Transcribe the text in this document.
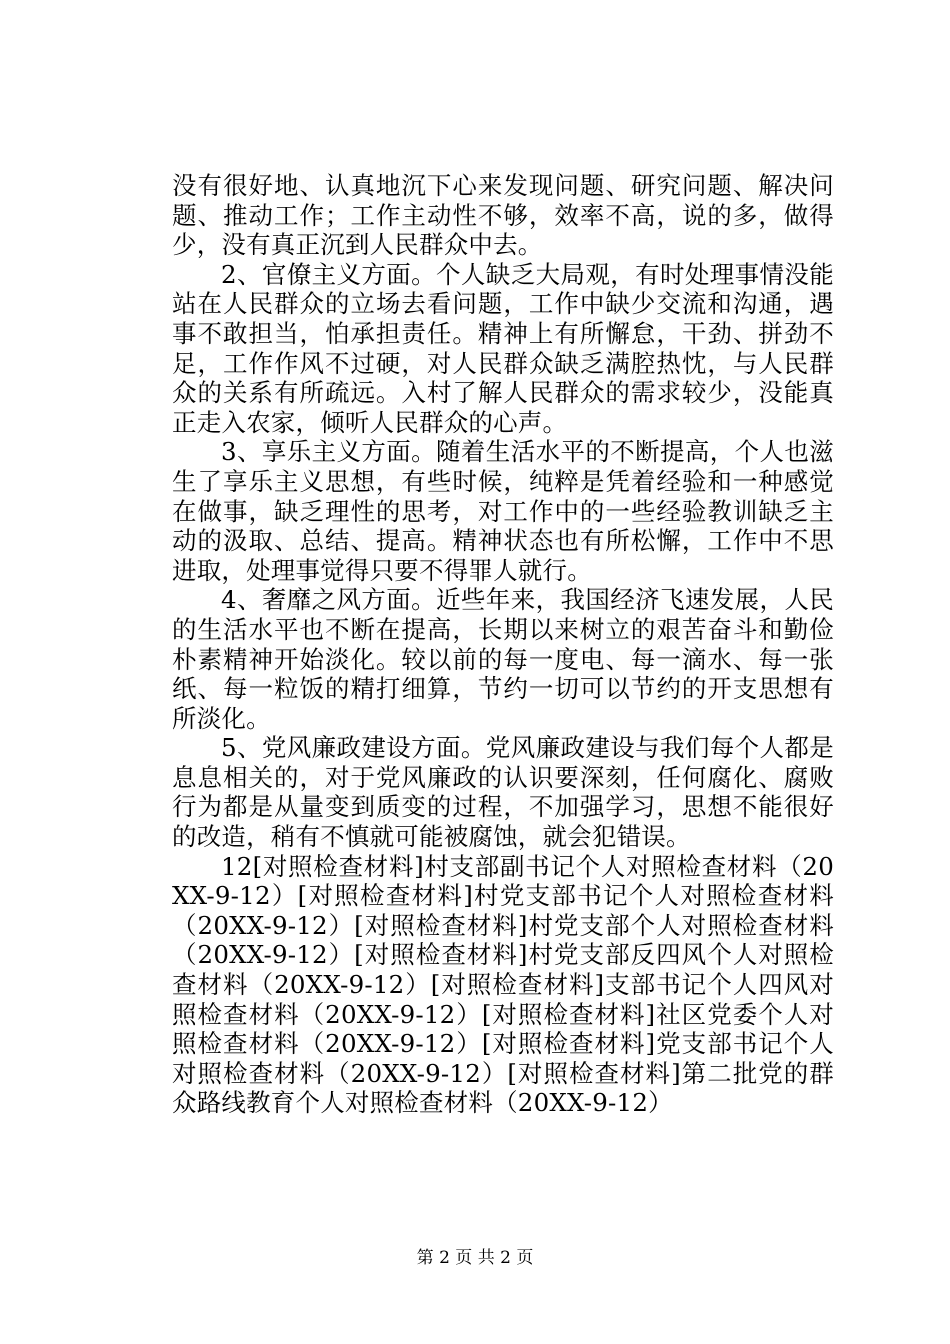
没有很好地、认真地沉下心来发现问题、研究问题、解决问题、推动工作；工作主动性不够，效率不高，说的多，做得少，没有真正沉到人民群众中去。

2、官僚主义方面。个人缺乏大局观，有时处理事情没能站在人民群众的立场去看问题，工作中缺少交流和沟通，遇事不敢担当，怕承担责任。精神上有所懈怠，干劲、拼劲不足，工作作风不过硬，对人民群众缺乏满腔热忱，与人民群众的关系有所疏远。入村了解人民群众的需求较少，没能真正走入农家，倾听人民群众的心声。

3、享乐主义方面。随着生活水平的不断提高，个人也滋生了享乐主义思想，有些时候，纯粹是凭着经验和一种感觉在做事，缺乏理性的思考，对工作中的一些经验教训缺乏主动的汲取、总结、提高。精神状态也有所松懈，工作中不思进取，处理事觉得只要不得罪人就行。

4、奢靡之风方面。近些年来，我国经济飞速发展，人民的生活水平也不断在提高，长期以来树立的艰苦奋斗和勤俭朴素精神开始淡化。较以前的每一度电、每一滴水、每一张纸、每一粒饭的精打细算，节约一切可以节约的开支思想有所淡化。

5、党风廉政建设方面。党风廉政建设与我们每个人都是息息相关的，对于党风廉政的认识要深刻，任何腐化、腐败行为都是从量变到质变的过程，不加强学习，思想不能很好的改造，稍有不慎就可能被腐蚀，就会犯错误。

12[对照检查材料]村支部副书记个人对照检查材料（20XX-9-12）[对照检查材料]村党支部书记个人对照检查材料（20XX-9-12）[对照检查材料]村党支部个人对照检查材料（20XX-9-12）[对照检查材料]村党支部反四风个人对照检查材料（20XX-9-12）[对照检查材料]支部书记个人四风对照检查材料（20XX-9-12）[对照检查材料]社区党委个人对照检查材料（20XX-9-12）[对照检查材料]党支部书记个人对照检查材料（20XX-9-12）[对照检查材料]第二批党的群众路线教育个人对照检查材料（20XX-9-12）

第 2 页 共 2 页
